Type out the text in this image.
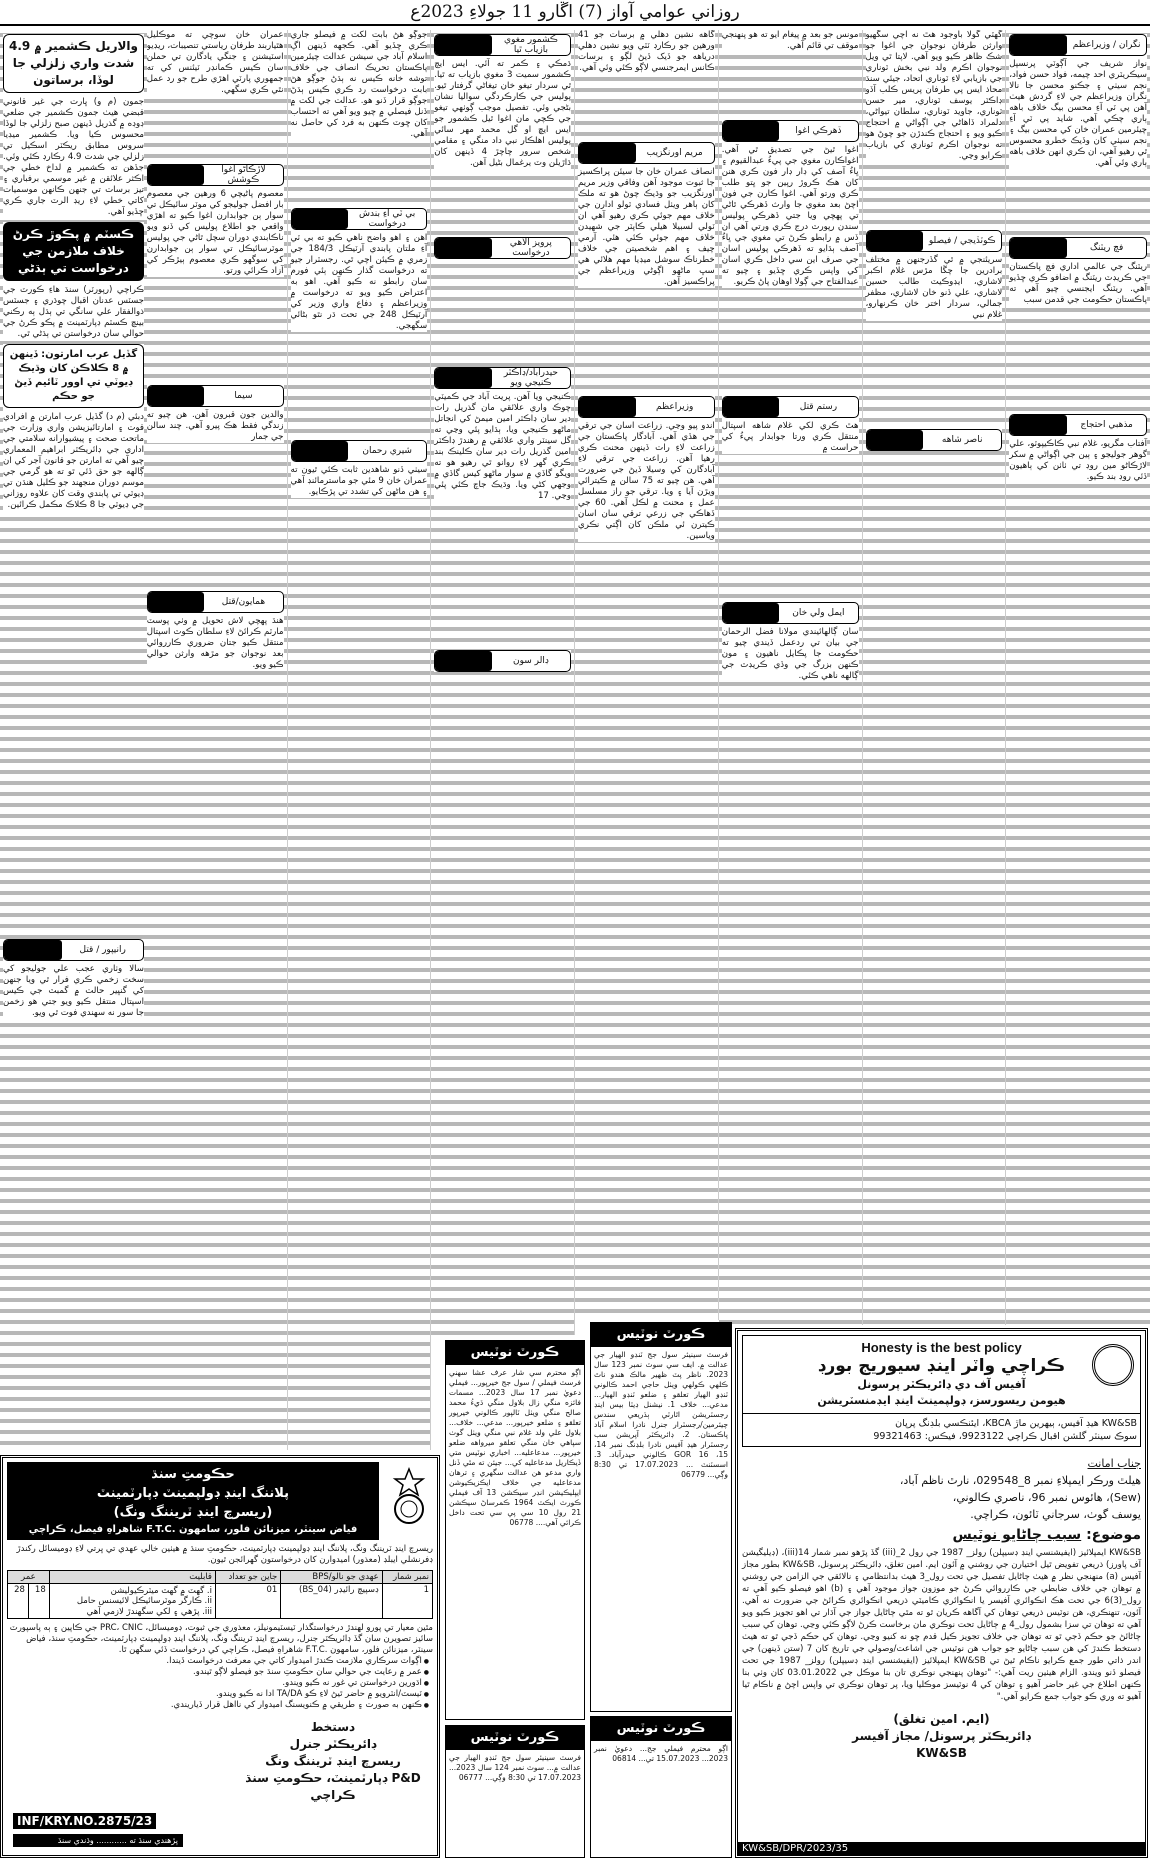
روزاني عوامي آواز (7) اڱارو 11 جولاءِ 2023ع
نگران / وزيراعظم
نواز شريف جي آڳوٽي پرنسپل سيڪريٽري احد چيمه، فواد حسن فواد، نجم سيٺي ۽ جڪنو محسن جا نالا نگران وزيراعظم جي لاءِ گردش هيٺ آهن پي ٽي آءِ محسن بيگ خلاف باهه ٻاري چڪي آهي. شايد پي ٽي آءِ چيئرمين عمران خان کي محسن بيگ ۽ نجم سيٺي کان وڏيڪ خطرو محسوس ٿي رهيو آهي، ان ڪري انهن خلاف باهه ٻاري وئي آهي.
فچ ريٽنگ
ريٽنگ جي عالمي اداري فچ پاڪستان جي ڪريڊٽ ريٽنگ ۾ اضافو ڪري ڇڏيو آهي. ريٽنگ ايجنسي چيو آهي ته پاڪستان حڪومت جي قدمن سبب
مذهبي احتجاج
آفتاب مگريو، غلام نبي ڪاڪيپوٽو، علي گوهر جوليجو ۽ ٻين جي اڳواڻي ۾ سکر لاڙڪاڻو مين روڊ تي ٺاٺن کي ٻاهيون ڏئي روڊ بند ڪيو.
گهٽي گولا باوجود هٿ نه اچي سگهيو وارثن طرفان نوجوان جي اغوا جو شڪ ظاهر ڪيو ويو آهي. لاپتا ٿي ويل نوجوان اڪرم ولد نبي بخش ٽوناري جي بازيابي لاءِ ٽوناري اتحاد، جيئي سنڌ محاذ ايس پي طرفان پريس ڪلب آڏو ڊاڪٽر يوسف ٽوناري، مير حسن ٽوناري، جاويد ٽوناري، سلطان تيواڻي، دلمراد ڏاهاڻي جي اڳواڻي ۾ احتجاج ڪيو ويو ۽ احتجاج ڪندڙن جو چوڻ هو ته نوجوان اڪرم ٽوناري کي بازياب ڪرايو وڃي.
ڪوٽڏيجي / فيصلو
سريئنجي ۾ ٿي گڏرجنهن ۾ مختلف برادرين جا چڱا مڙس غلام اڪبر لاشاري، ايڊوڪيٽ طالب حسين لاشاري، علي ڏنو خان لاشاري، مظفر جمالي، سردار اختر خان ڪرنهارو، غلام نبي
ناصر شاهه
مونس جو بعد ۾ پيغام آيو ته هو پنهنجي موقف تي قائم آهي.
ڏهرڪي اغوا
اغوا ٿيڻ جي تصديق ٿي آهي. اغواڪارن مغوي جي پيءُ عبدالقيوم ۽ ڀاءُ آصف کي ڊار ڊار فون ڪري هنن کان هڪ ڪروڙ رپين جو ڀتو طلب ڪري ورتو آهي. اغوا ڪارن جي فون اچڻ بعد مغوي جا وارث ڏهرڪي ٿاڻي تي پهچي ويا جتي ڏهرڪي پوليس سندن رپورٽ درج ڪري ورتي آهي ان ڏس ۾ رابطو ڪرڻ تي مغوي جي ڀاءُ آصف ٻڌايو ته ڏهرڪي پوليس اسان جي صرف اين سي داخل ڪري اسان کي واپس ڪري ڇڏيو ۽ چيو ته عبدالفتاح جي ڳولا اوهان پاڻ ڪريو.
رستم قتل
هٿ ڪري لکي غلام شاهه اسپتال منتقل ڪري ورتا جوابدار پيءُ کي حراست ۾
ايمل ولي خان
سان ڳالهائيندي مولانا فضل الرحمان جي بيان تي ردعمل ڏيندي چيو ته حڪومت جا پڪايل ناهيون ۽ مون ڪنهن بزرگ جي وڏي ڪريڊٽ جي ڳالهه ناهي ڪئي.
گاهه نشين دهلي ۾ برسات جو 41 ورهين جو رڪارڊ ٽٽي ويو نشين دهلي درياهه جو ڏيک ڏيڻ لڳو ۽ برسات ڪانس ايمرجنسي لاڳو ڪئي وئي آهي.
مريم اورنگزيب
انصاف عمران خان جا سيئن پراڪسيز جا ثبوت موجود آهن وفاقي وزير مريم اورنگزيب جو وڌيڪ چوڻ هو ته ملڪ کان ٻاهر ويٺل فسادي ٽولو ادارن جي خلاف مهم جوئي ڪري رهيو آهي ان ٽولي لسبيلا هيلي ڪاپٽر جي شهيدن خلاف مهم جوئي ڪئي هئي. آرمي چيف ۽ اهم شخصيتن جي خلاف خطرناڪ سوشل ميڊيا مهم هلائي هي سڀ ماڻهو اڳوڻي وزيراعظم جي پراڪسيز آهن.
وزيراعظم
اندو پيو وڃي. زراعت اسان جي ترقي جي هڏي آهي. آبادگار پاڪستان جي زراعت لاءِ رات ڏينهن محنت ڪري رهيا آهن. زراعت جي ترقي لاءِ آبادگارن کي وسيلا ڏيڻ جي ضرورت آهي. هن چيو ته 75 سالن ۾ ڪيترائي ويڙن آيا ۽ ويا. ترقي جو راز مسلسل عمل ۽ محنت ۾ لڪل آهي. 60 جي ڏهاڪي جي زرعي ترقي سان اسان ڪيترن ئي ملڪن کان اڳتي نڪري وياسين.
ڪشمور مغوي بازياب ٿيا
ڌمڪي ۽ ڪمر ته آئي. ايس ايچ ڪشمور سميت 3 مغوي بازياب ته ٿيا. ٿي سردار تيغو خان تيغاڻي گرفتار ٿيو. پوليس جي ڪارڪردگي سواليا نشان بڻجي وئي. تفصيل موجب ڳوٺهي تيغو جي ڪچي مان اغوا ٿيل ڪشمور جو ايس ايڇ او گل محمد مهر سائي پوليس اهلڪار نبي داد منگي ۽ مقامي شخص سرور چاچڙ 4 ڏينهن کان ڌاڙيلن وٽ يرغمال بڻيل آهن.
پرويز الاهي درخواست
حيدرآباد/ڊاڪٽر ڪنيجي ويو
ڪنيجي ويا آهن. پريت آباد جي ڪميٽي چوڪ واري علائقي مان گذريل رات دير سان ڊاڪٽر امين ميمڻ کي انجاتل ماڻهو ڪنيجي ويا، ٻڌايو پئي وڃي ته گل سينٽر واري علائقي ۾ رهندڙ ڊاڪٽر امين گذريل رات دير سان ڪلينڪ بند ڪري گهر لاءِ روانو ٿي رهيو هو ته ويگو گاڏي ۾ سوار ماڻهو کيس گاڏي ۾ وجهي کڻي ويا. وڌيڪ جاچ ڪئي پئي وڃي. 17
ڊالر سون
جوڳو هڻ بابت لکت ۾ فيصلو جاري ڪري ڇڏيو آهي. ڪجهه ڏينهن اڳ اسلام آباد جي سيشن عدالت چيئرمين پاڪستان تحريڪ انصاف جي خلاف توشه خانه ڪيس نه ٻڌڻ جوڳو هڻ بابت درخواست رد ڪري ڪيس ٻڌڻ جوڳو قرار ڏنو هو. عدالت جي لکت ۾ ڏنل فيصلي ۾ چيو ويو آهي ته احتساب کان ڇوٽ ڪنهن به فرد کي حاصل نه آهي.
بي ٽي آءِ بندش درخواست
اهن ۽ اهو واضح ناهي ڪيو ته بي ٽي آءِ ملتان پابندي آرٽيڪل 184/3 جي زمري ۾ ڪيئن اچي ٿي. رجسٽرار جيو ته درخواست گذار ڪنهن ٻئي فورم سان رابطو نه ڪيو آهي. اهو به اعتراض ڪيو ويو ته درخواست ۾ وزيراعظم ۽ دفاع واري وزير کي آرٽيڪل 248 جي تحت ڌر نٿو بڻائي سگهجي.
شيري رحمان
سيٺي ڏنو شاهدين ثابت ڪئي ٿيون ته عمران خان 9 مئي جو ماسترمائنڊ آهي ۽ هن ماڻهن کي تشدد تي پڙڪايو.
عمران خان سوچي ته موڪليل هٿياربند طرفان رياستي تنصيبات، ريڊيو اسٽيشنن ۽ جنگي يادگارن تي حملن سان ڪيس ڪمانڊر ٽيئنس کي ته جمهوري پارٽي اهڙي طرح جو رد عمل نٿي ڪري سگهي.
لاڙڪاڻو اغوا ڪوشش
معصوم پاڻيچي 6 ورهين جي معصوم بار افضل جوليجو کي موٽر سائيڪل تي سوار ٻن جوابدارن اغوا ڪيو ته اهڙي واقعي جو اطلاع پوليس کي ڏنو ويو ناڪابندي دوران سچل ٿاڻي جي پوليس موٽرسائيڪل تي سوار ٻن جوابدارن کي سوگهو ڪري معصوم ٻيڙڪر کي آزاد ڪرائي ورتو.
سيما
والدين جون قبرون آهن. هن چيو ته زندگي فقط هڪ پيرو آهي. چند سالن جي جمار
همايون/قتل
هنڌ پهچي لاش تحويل ۾ وٺي پوسٽ مارٽم ڪرائڻ لاءِ سلطان ڪوٽ اسپتال منتقل ڪيو جتان ضروري ڪارروائي بعد نوجوان جو مڙهه وارثن حوالي ڪيو ويو.
والاريل ڪشمير ۾ 4.9 شدت واري زلزلي جا لوڏا، برساتون
جمون (م و) ڀارت جي غير قانوني قبضي هيٺ جمون ڪشمير جي ضلعي ڊوڊه ۾ گذريل ڏينهن صبح زلزلي جا لوڏا محسوس ڪيا ويا. ڪشمير ميڊيا سروس مطابق ريڪٽر اسڪيل تي زلزلي جي شدت 4.9 رڪارڊ ڪئي وئي. جڏهن ته ڪشمير ۾ لداخ خطي جي اڪثر علائقن ۾ غير موسمي برفباري ۽ تيز برسات تي جنهن ڪانهن موسميات کاتي خطي لاءِ ريڊ الرٽ جاري ڪري ڇڏيو آهي.
ڪسٽم ۾ پڪوڙ ڪرڻ خلاف ملازمن جي درخواست تي ٻڌڻي
ڪراچي (رپورٽر) سنڌ هاءِ ڪورٽ جي جسٽس عدنان اقبال چوڌري ۽ جسٽس ذوالفقار علي سانگي تي ٻڌل ٻه رڪني بينچ ڪسٽم ڊپارٽمينٽ ۾ پڪو ڪرڻ جي حوالي سان درخواستن تي ٻڌڻي ٿي.
گڏيل عرب امارتون: ڏينهن ۾ 8 ڪلاڪن کان وڌيڪ ڊيوٽي تي اوور ٽائيم ڏيڻ جو حڪم
دبئي (م د) گڏيل عرب امارتن ۾ افرادي قوت ۽ امارتائيزيشن واري وزارت جي ماتحت صحت ۽ پيشيوارانه سلامتي جي اداري جي ڊائريڪٽر ابراهيم المعماري چيو آهي ته امارتن جو قانون آجر کي ان ڳالهه جو حق ڏئي ٿو ته هو گرمي جي موسم دوران منجهند جو ڪليل هنڌن تي ڊيوٽي تي پابندي وقت کان علاوه روزاني جي ڊيوٽي جا 8 ڪلاڪ مڪمل ڪرائين.
رانيپور / قتل
سالا وٺاري عجب علي جوليجو کي سخت زخمي ڪري فرار ٿي ويا جنهن کي گنڀير حالت ۾ گمبٽ جي ڪيس اسپتال منتقل ڪيو ويو جتي هو زخمن جا سور نه سهندي فوت ٿي ويو.
ڪورٽ نوٽيس
اڳو محترم سي شار عرف عشا سهني فرسٽ فيملي / سول جج خيرپور... فيملي دعويٰ نمبر 17 سال 2023... مسمات فائزه منگي زال بلاول منگي ڌيءُ محمد صالح منگي ويٺل ٽالپور ڪالوني خيرپور تعلقو ۽ ضلعو خيرپور... مدعي... خلاف... بلاول علي ولد غلام نبي منگي ويٺل گوٺ سپاهي خان منگي تعلقو ميرواهه ضلعو خيرپور... مدعاعليه... اخباري نوٽيس متي ڏيڪاريل مدعاعليه کي... جيئن ته مٿي ڏنل واري مدعو هن عدالت سگهري ۽ ترهان مدعاعليه جي خلاف ايڪزيڪيوشن ايپليڪيشن انڊر سيڪشن 13 آف فيملي ڪورٽ ايڪٽ 1964 ڪمرساڻ سيڪشن 21 رول 10 سي پي سي تحت داخل ڪرائي آهي.... 06778
ڪورٽ نوٽيس
فرسٽ سينيئر سول جج ٽنڊو الهيار جي عدالت ۾. ايف سي سوٽ نمبر 123 سال 2023. ناظر پٽ ظهير مالڪ هندو ناٿ ڪلهي ڪولهي ويٺل حاجي احمد ڪالوني ٽنڊو الهيار تعلقو ۽ ضلعو ٽنڊو الهيار... مدعي... خلاف 1. نيشنل ڊيٽا بيس اينڊ رجسٽريشن اٿارٽي ٻڌريعي سندس چيئرمين/رجسٽرار جنرل نادرا اسلام آباد پاڪستان. 2. ڊائريڪٽر آپريشن سب رجسٽرار هيڊ آفيس نادرا بلڊنگ نمبر 14، 15، 16 GOR ڪالوني حيدرآباد. 3. اسسٽنٽ ... 17.07.2023 تي 8:30 وڳي... 06779
ڪورٽ نوٽيس
فرسٽ سينيئر سول جج ٽنڊو الهيار جي عدالت ۾... سوٽ نمبر 124 سال 2023... 17.07.2023 تي 8:30 وڳي... 06777
ڪورٽ نوٽيس
اڳو محترم فيملي جج... دعويٰ نمبر 2023... 15.07.2023 تي... 06814
حڪومتِ سنڌ
پلاننگ اينڊ ڊولپمينٽ ڊپارٽمينٽ
(ريسرچ اينڊ ٽريننگ ونگ)
فياض سينٽر، ميزنائن فلور، سامهون .F.T.C شاهراهِ فيصل، ڪراچي

ريسرچ اينڊ ٽريننگ ونگ، پلاننگ اينڊ ڊولپمينٽ ڊپارٽمينٽ، حڪومتِ سنڌ ۾ هيٺين خالي عهدي تي ڀرتي لاءِ ڊوميسائل رکندڙ ڊفرنشلي ايبلڊ (معذور) اميدوارن کان درخواستون گهرائجن ٿيون.

نمبر شمار	عهدي جو نالو/BPS	جاين جو تعداد	قابليت	عمر	
1	ڊسپيچ رائيڊر (BS_04)	01	i. گهٽ ۾ گهٽ ميٽرڪيوليشن
ii. ڪارگر موٽرسائيڪل لائيسنس حامل
iii. پڙهي ۽ لکي سگهندڙ لازمي آهي	18	28

مٿين معيار تي پورو لهندڙ درخواستگذار ٽيسٽيمونيلز، معذوري جي ثبوت، ڊوميسائل، PRC، CNIC جي ڪاپين ۽ ٻه پاسپورٽ سائيز تصويرن سان گڏ ڊائريڪٽر جنرل، ريسرچ اينڊ ٽريننگ ونگ، پلاننگ اينڊ ڊولپمينٽ ڊپارٽمينٽ، حڪومتِ سنڌ، فياض سينٽر، ميزنائن فلور، سامهون .F.T.C شاهراهِ فيصل، ڪراچي کي درخواست ڏئي سگهن ٿا.

● اڳواٽ سرڪاري ملازمت ڪندڙ اميدوار کاتي جي معرفت درخواست ڏيندا.
● عمر ۾ رعايت جي حوالي سان حڪومتِ سنڌ جو فيصلو لاڳو ٿيندو.
● اڌورين درخواستن تي غور نه ڪيو ويندو.
● ٽيسٽ/انٽرويو ۾ حاضر ٿيڻ لاءِ ڪو TA/DA ادا نه ڪيو ويندو.
● ڪنهن به صورت ۽ طريقي ۾ ڪنويسنگ اميدوار کي نااهل قرار ڏياريندي.
دستخط
ڊائريڪٽر جنرل
ريسرچ اينڊ ٽريننگ ونگ
P&D ڊپارٽمينٽ، حڪومتِ سنڌ
ڪراچي
INF/KRY.NO.2875/23
پڙهندي سنڌ ته ............ وڌندي سنڌ
Honesty is the best policy
ڪراچي واٽر اينڊ سيوريج بورڊ
آفيس آف دي ڊائريڪٽر پرسونل
هيومن ريسورسز، ڊولپمينٽ اينڊ ايڊمنسٽريشن
KW&SB هيڊ آفيس، ٻيهرين ماڙ KBCA، ايئنڪسي بلڊنگ پرپان
سوڪ سينٽر گلشن اقبال ڪراچي 9923122، فيڪس: 99321463
جناب امانت
هيلٿ ورڪر ايمپلاءِ نمبر 8_029548، نارٿ ناظم آباد،
(Sew)، هائوس نمبر 96، ناصري ڪالوني،
يوسف گوٺ، سرجاني ٽائون، ڪراچي.
موضوع: سبب ڄاڻايو نوٽيس
KW&SB ايمپلائيز (ايفيشنسي اينڊ ڊسيپلن) رولز_ 1987 جي رول 2_(iii) گڏ پڙهو نمبر شمار 14(iii)، (ڊيليگيشن آف پاورز) ذريعي تفويض ٿيل اختيارن جي روشني ۾ آئون ايم. امين تغلق، ڊائريڪٽر پرسونل، KW&SB بطور مجاز آفيس (a) منهنجي نظر ۾ هيٺ ڄاڻايل تفصيل جي تحت رول_3 هيٺ بدانتظامي ۽ نالائقي جي الزامن جي روشني ۾ توهان جي خلاف ضابطي جي ڪارروائي ڪرڻ جو موزون جواز موجود آهي ۽ (b) اهو فيصلو ڪيو آهي ته رول_(3)6 جي تحت هڪ انڪوائري آفيسر يا انڪوائري ڪاميٽي ذريعي انڪوائري ڪرائڻ جي ضرورت نه آهي. آئون، تنهنڪري، هن نوٽيس ذريعي توهان کي آگاهه ڪريان ٿو ته مٿي ڄاڻايل جواز جي آڌار تي اهو تجويز ڪيو ويو آهي ته توهان تي سزا بشمول رول_4 ۾ ڄاڻايل تحت نوڪري مان برخاست ڪرڻ لاڳو ڪئي وڃي. توهان کي سبب ڄاڻائڻ جو حڪم ڏجي ٿو ته توهان جي خلاف تجويز ڪيل قدم ڇو نه کنيو وڃي. توهان کي حڪم ڏجي ٿو ته هيٺ دستخط ڪندڙ کي هن سبب ڄاڻايو جو جواب هن نوٽيس جي اشاعت/وصولي جي تاريخ کان 7 (ستن ڏينهن) جي اندر ذاتي طور جمع ڪرايو ناڪام ٿيڻ تي KW&SB ايمپلائيز (ايفيشنسي اينڊ ڊسيپلن) رولز_ 1987 جي تحت فيصلو ڏنو ويندو. الزام هيٺين ريت آهي:- "توهان پنهنجي نوڪري تان بنا موڪل جي 03.01.2022 کان وٺي بنا ڪنهن اطلاع جي غير حاضر آهيو ۽ توهان کي 4 نوٽيسز موڪليا ويا، پر توهان نوڪري تي واپس اچڻ ۾ ناڪام ٿيا آهيو ته وري ڪو جواب جمع ڪرايو آهي."
(ايم. امين تغلق)
ڊائريڪٽر پرسونل/ مجاز آفيسر
KW&SB
KW&SB/DPR/2023/35
